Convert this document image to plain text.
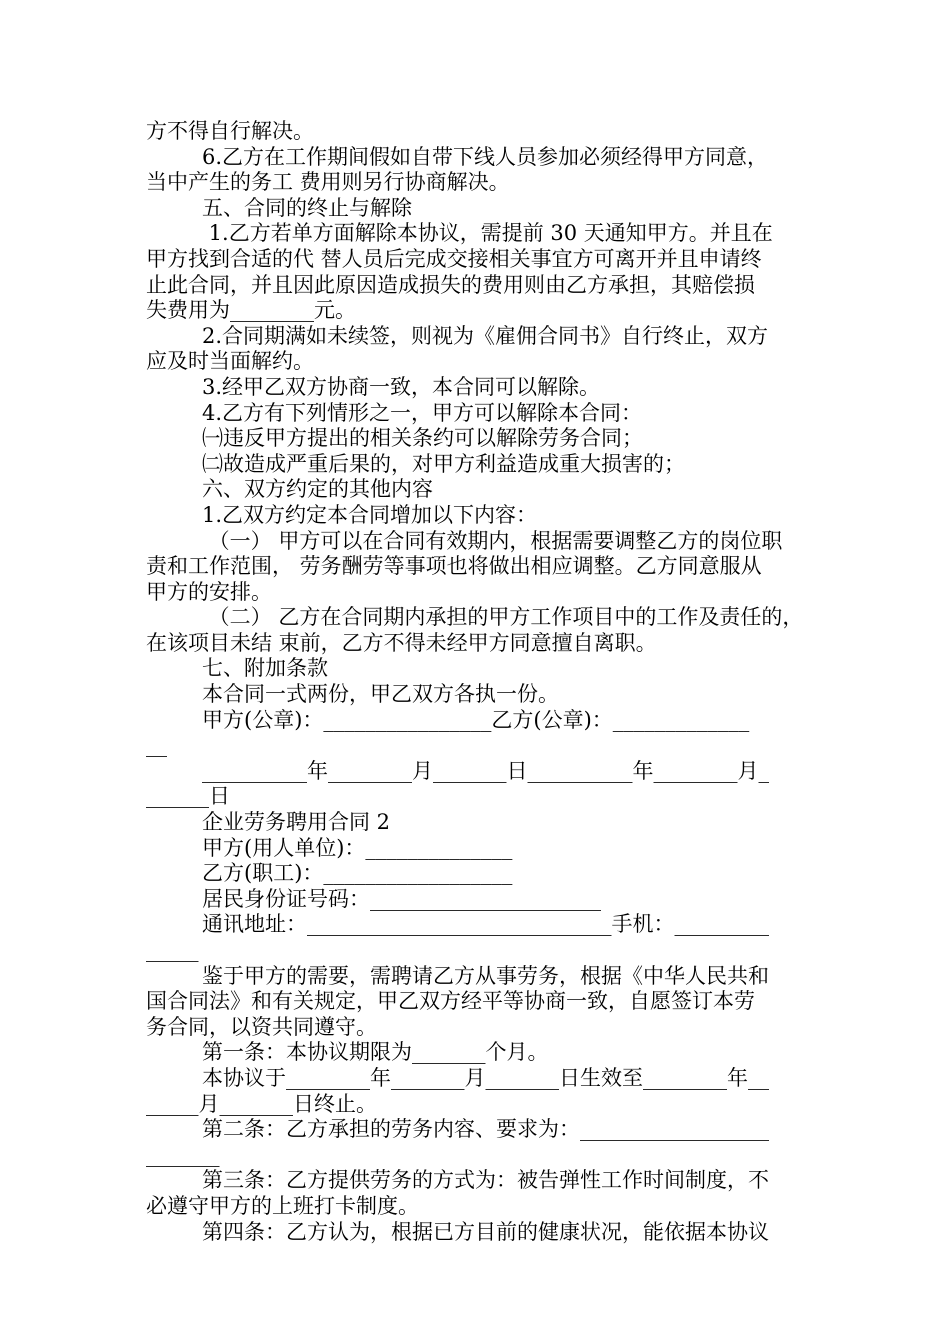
方不得自行解决。
6.乙方在工作期间假如自带下线人员参加必须经得甲方同意，
当中产生的务工 费用则另行协商解决。
五、合同的终止与解除
1.乙方若单方面解除本协议，需提前 30 天通知甲方。并且在
甲方找到合适的代 替人员后完成交接相关事宜方可离开并且申请终
止此合同，并且因此原因造成损失的费用则由乙方承担，其赔偿损
失费用为________元。
2.合同期满如未续签，则视为《雇佣合同书》自行终止，双方
应及时当面解约。
3.经甲乙双方协商一致，本合同可以解除。
4.乙方有下列情形之一，甲方可以解除本合同：
㈠违反甲方提出的相关条约可以解除劳务合同；
㈡故造成严重后果的，对甲方利益造成重大损害的；
六、双方约定的其他内容
1.乙双方约定本合同增加以下内容：
（一） 甲方可以在合同有效期内，根据需要调整乙方的岗位职
责和工作范围， 劳务酬劳等事项也将做出相应调整。乙方同意服从
甲方的安排。
（二） 乙方在合同期内承担的甲方工作项目中的工作及责任的，
在该项目未结 束前，乙方不得未经甲方同意擅自离职。
七、附加条款
本合同一式两份，甲乙双方各执一份。
甲方(公章)：________________乙方(公章)：_____________
__
__________年________月_______日__________年________月_
______日
企业劳务聘用合同 2
甲方(用人单位)：______________
乙方(职工)：__________________
居民身份证号码：______________________
通讯地址：_____________________________手机：_________
_____
鉴于甲方的需要，需聘请乙方从事劳务，根据《中华人民共和
国合同法》和有关规定，甲乙双方经平等协商一致，自愿签订本劳
务合同，以资共同遵守。
第一条：本协议期限为_______个月。
本协议于________年_______月_______日生效至________年__
_____月_______日终止。
第二条：乙方承担的劳务内容、要求为：__________________
_______
第三条：乙方提供劳务的方式为：被告弹性工作时间制度，不
必遵守甲方的上班打卡制度。
第四条：乙方认为，根据已方目前的健康状况，能依据本协议
